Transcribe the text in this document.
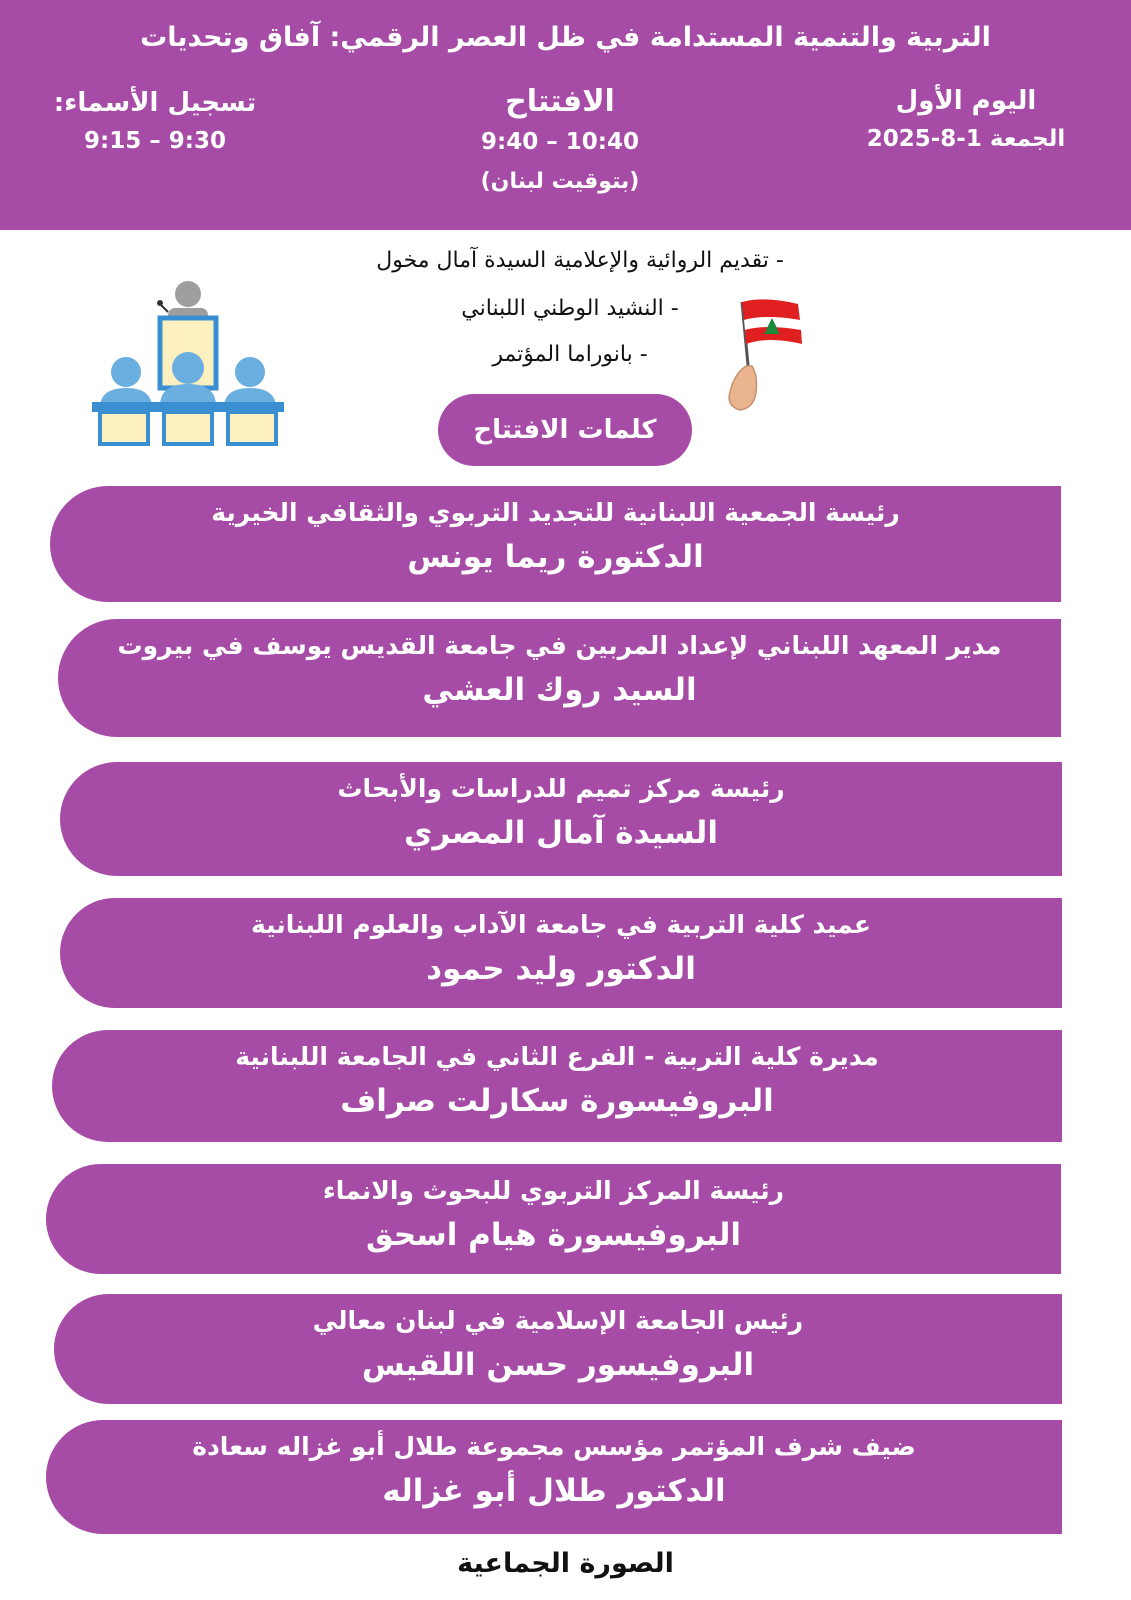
التربية والتنمية المستدامة في ظل العصر الرقمي: آفاق وتحديات
اليوم الأول
الجمعة 1-8-2025
الافتتاح
9:40 – 10:40
(بتوقيت لبنان)
تسجيل الأسماء:
9:15 – 9:30
- تقديم الروائية والإعلامية السيدة آمال مخول
- النشيد الوطني اللبناني
- بانوراما المؤتمر
كلمات الافتتاح
رئيسة الجمعية اللبنانية للتجديد التربوي والثقافي الخيرية
الدكتورة ريما يونس
مدير المعهد اللبناني لإعداد المربين في جامعة القديس يوسف في بيروت
السيد روك العشي
رئيسة مركز تميم للدراسات والأبحاث
السيدة آمال المصري
عميد كلية التربية في جامعة الآداب والعلوم اللبنانية
الدكتور وليد حمود
مديرة كلية التربية - الفرع الثاني في الجامعة اللبنانية
البروفيسورة سكارلت صراف
رئيسة المركز التربوي للبحوث والانماء
البروفيسورة هيام اسحق
رئيس الجامعة الإسلامية في لبنان معالي
البروفيسور حسن اللقيس
ضيف شرف المؤتمر مؤسس مجموعة طلال أبو غزاله سعادة
الدكتور طلال أبو غزاله
الصورة الجماعية
